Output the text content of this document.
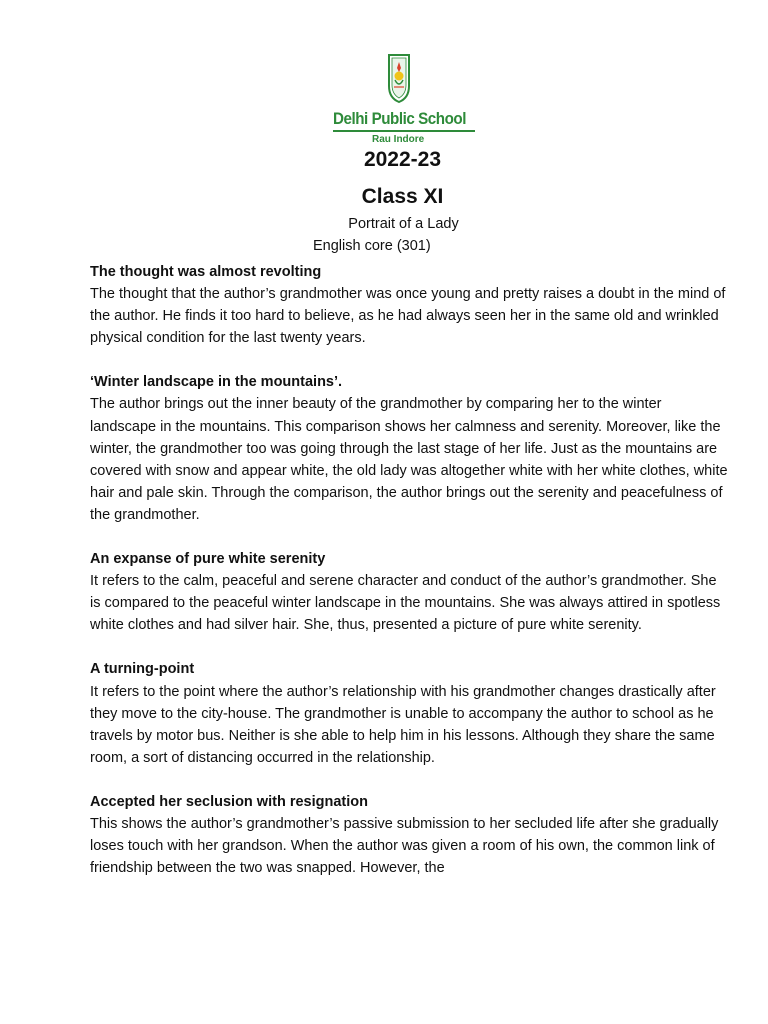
Delhi Public School
Rau Indore
2022-23
Class XI
Portrait of a Lady
English core (301)
The thought was almost revolting

The thought that the author’s grandmother was once young and pretty raises a doubt in the mind of the author. He finds it too hard to believe, as he had always seen her in the same old and wrinkled physical condition for the last twenty years.

‘Winter landscape in the mountains’.

The author brings out the inner beauty of the grandmother by comparing her to the winter landscape in the mountains. This comparison shows her calmness and serenity. Moreover, like the winter, the grandmother too was going through the last stage of her life. Just as the mountains are covered with snow and appear white, the old lady was altogether white with her white clothes, white hair and pale skin. Through the comparison, the author brings out the serenity and peacefulness of the grandmother.

An expanse of pure white serenity

It refers to the calm, peaceful and serene character and conduct of the author’s grandmother. She is compared to the peaceful winter landscape in the mountains. She was always attired in spotless white clothes and had silver hair. She, thus, presented a picture of pure white serenity.

A turning-point

It refers to the point where the author’s relationship with his grandmother changes drastically after they move to the city-house. The grandmother is unable to accompany the author to school as he travels by motor bus. Neither is she able to help him in his lessons. Although they share the same room, a sort of distancing occurred in the relationship.

Accepted her seclusion with resignation

This shows the author’s grandmother’s passive submission to her secluded life after she gradually loses touch with her grandson. When the author was given a room of his own, the common link of friendship between the two was snapped. However, the
